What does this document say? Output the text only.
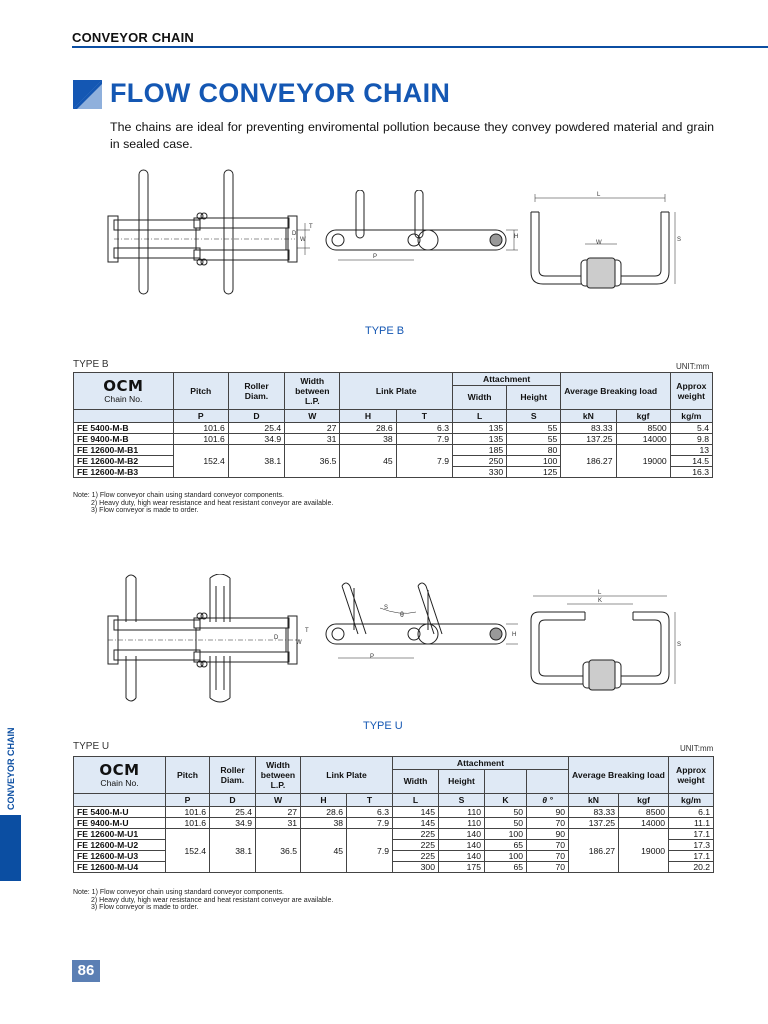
CONVEYOR CHAIN
FLOW CONVEYOR CHAIN
The chains are ideal for preventing enviromental pollution because they convey powdered material and grain in sealed case.
T
D
W
P
H
L
W	S
TYPE B
TYPE B	UNIT:mm
OCM
Chain No.	Pitch	Roller Diam.	Width between L.P.	Link Plate		Attachment		Average Breaking load		Approx weight
						Width	Height			
	P	D	W	H	T	L	S	kN	kgf	kg/m
FE 5400-M-B	101.6	25.4	27	28.6	6.3	135	55	83.33	8500	5.4
FE 9400-M-B	101.6	34.9	31	38	7.9	135	55	137.25	14000	9.8
FE 12600-M-B1	152.4	38.1	36.5	45	7.9	185	80	186.27	19000	13
FE 12600-M-B2						250	100			14.5
FE 12600-M-B3						330	125			16.3
Note: 1) Flow conveyor chain using standard conveyor components.
2) Heavy duty, high wear resistance and heat resistant conveyor are available.
3) Flow conveyor is made to order.
T
D
W
θ
S
P
H
L
K
S
TYPE U
TYPE U	UNIT:mm
OCM
Chain No.	Pitch	Roller Diam.	Width between L.P.	Link Plate		Attachment				Average Breaking load		Approx weight
						Width	Height					
	P	D	W	H	T	L	S	K	θ °	kN	kgf	kg/m
FE 5400-M-U	101.6	25.4	27	28.6	6.3	145	110	50	90	83.33	8500	6.1
FE 9400-M-U	101.6	34.9	31	38	7.9	145	110	50	70	137.25	14000	11.1
FE 12600-M-U1	152.4	38.1	36.5	45	7.9	225	140	100	90	186.27	19000	17.1
FE 12600-M-U2						225	140	65	70			17.3
FE 12600-M-U3						225	140	100	70			17.1
FE 12600-M-U4						300	175	65	70			20.2
Note: 1) Flow conveyor chain using standard conveyor components.
2) Heavy duty, high wear resistance and heat resistant conveyor are available.
3) Flow conveyor is made to order.
CONVEYOR CHAIN
86
